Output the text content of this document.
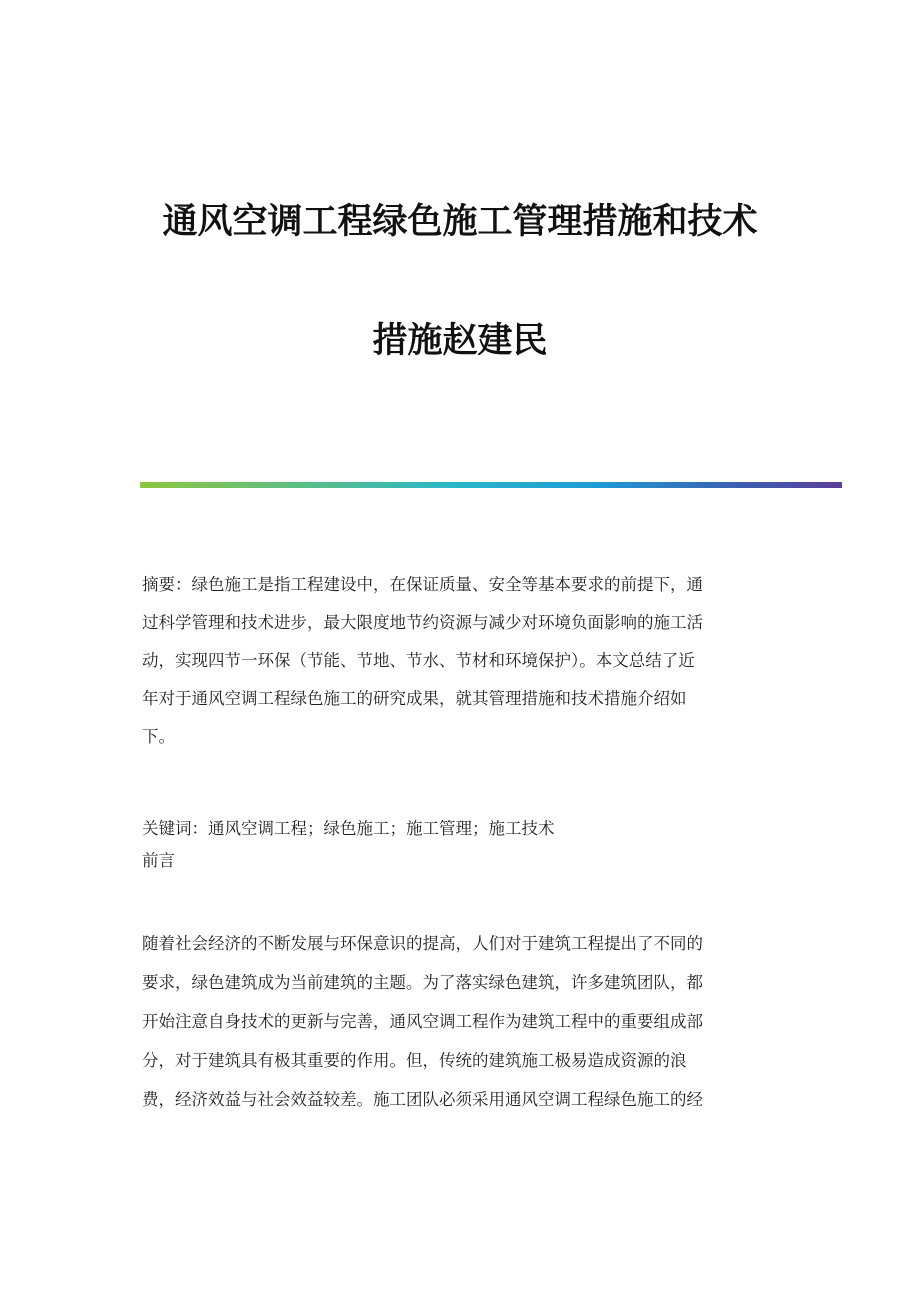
通风空调工程绿色施工管理措施和技术
措施赵建民
摘要：绿色施工是指工程建设中，在保证质量、安全等基本要求的前提下，通
过科学管理和技术进步，最大限度地节约资源与减少对环境负面影响的施工活
动，实现四节一环保（节能、节地、节水、节材和环境保护）。本文总结了近
年对于通风空调工程绿色施工的研究成果，就其管理措施和技术措施介绍如
下。
关键词：通风空调工程；绿色施工；施工管理；施工技术
前言
随着社会经济的不断发展与环保意识的提高，人们对于建筑工程提出了不同的
要求，绿色建筑成为当前建筑的主题。为了落实绿色建筑，许多建筑团队，都
开始注意自身技术的更新与完善，通风空调工程作为建筑工程中的重要组成部
分，对于建筑具有极其重要的作用。但，传统的建筑施工极易造成资源的浪
费，经济效益与社会效益较差。施工团队必须采用通风空调工程绿色施工的经
